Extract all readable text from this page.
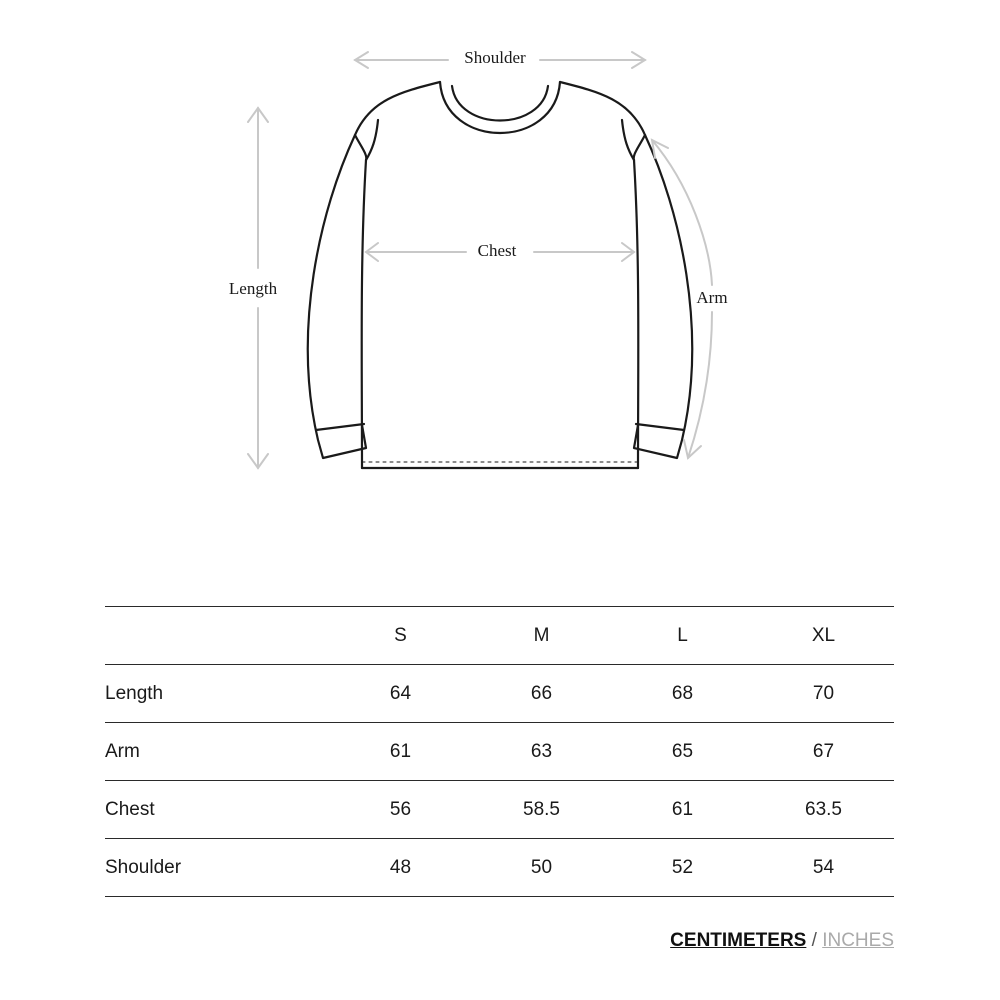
Shoulder
Chest
Length	Arm
	S	M	L	XL
Length	64	66	68	70
Arm	61	63	65	67
Chest	56	58.5	61	63.5
Shoulder	48	50	52	54
CENTIMETERS / INCHES
